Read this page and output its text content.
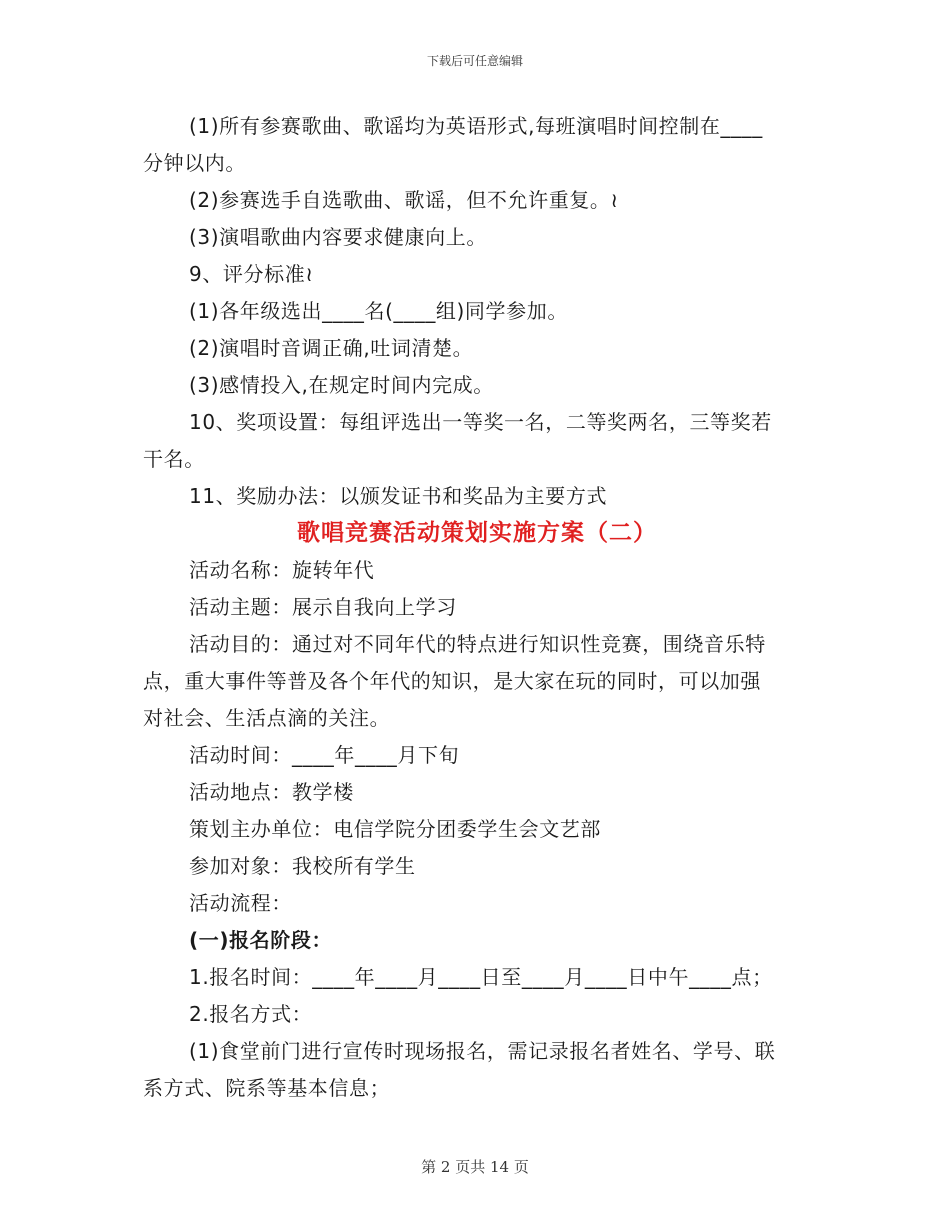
下载后可任意编辑
(1)所有参赛歌曲、歌谣均为英语形式,每班演唱时间控制在____
分钟以内。
(2)参赛选手自选歌曲、歌谣，但不允许重复。≀
(3)演唱歌曲内容要求健康向上。
9、评分标准≀
(1)各年级选出____名(____组)同学参加。
(2)演唱时音调正确,吐词清楚。
(3)感情投入,在规定时间内完成。
10、奖项设置：每组评选出一等奖一名，二等奖两名，三等奖若
干名。
11、奖励办法：以颁发证书和奖品为主要方式
歌唱竞赛活动策划实施方案（二）
活动名称：旋转年代
活动主题：展示自我向上学习
活动目的：通过对不同年代的特点进行知识性竞赛，围绕音乐特
点，重大事件等普及各个年代的知识，是大家在玩的同时，可以加强
对社会、生活点滴的关注。
活动时间：____年____月下旬
活动地点：教学楼
策划主办单位：电信学院分团委学生会文艺部
参加对象：我校所有学生
活动流程：
(一)报名阶段：
1.报名时间：____年____月____日至____月____日中午____点；
2.报名方式：
(1)食堂前门进行宣传时现场报名，需记录报名者姓名、学号、联
系方式、院系等基本信息；
第 2 页共 14 页
